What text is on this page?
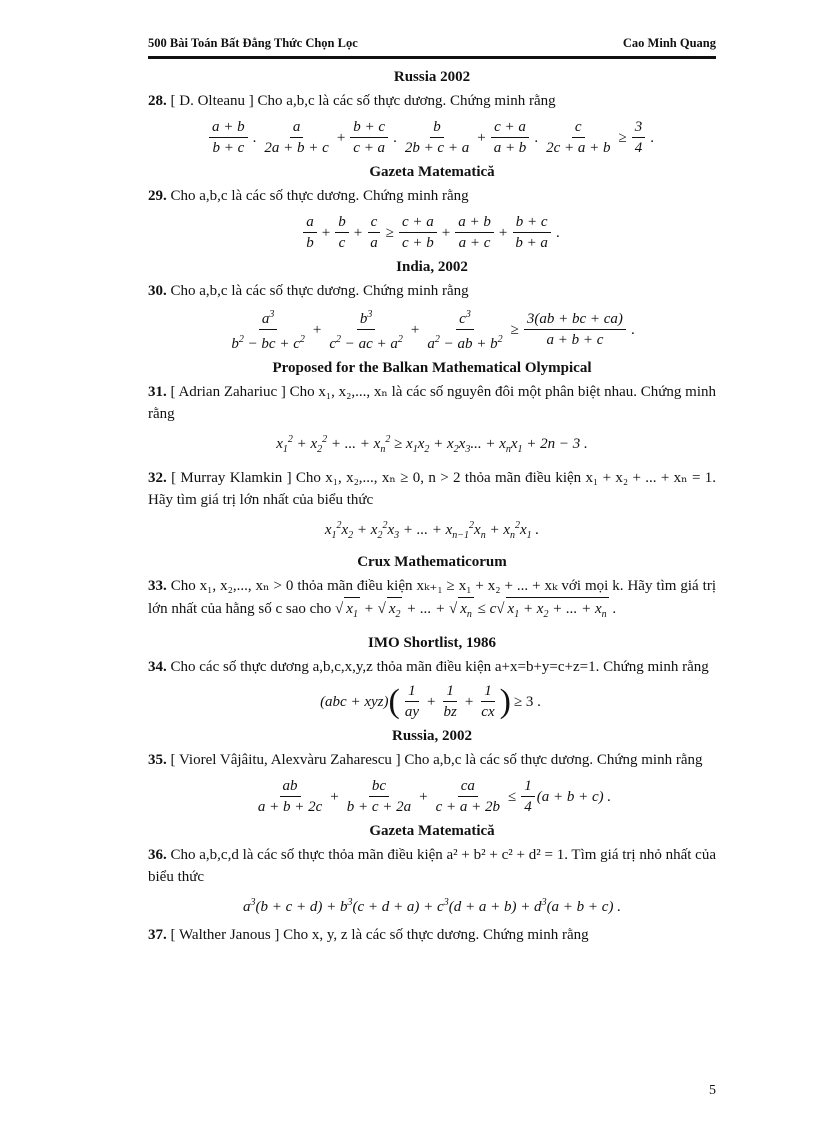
500 Bài Toán Bất Đẳng Thức Chọn Lọc	Cao Minh Quang
Russia 2002

28. [ D. Olteanu ] Cho a,b,c là các số thực dương. Chứng minh rằng

$\frac{a + b}{b + c}$ . $\frac{a}{2a + b + c} + \frac{b + c}{c + a}$ . $\frac{b}{2b + c + a} + \frac{c + a}{a + b}$ . $\frac{c}{2c + a + b} \ge \frac{3}{4}$ .
Gazeta Matematică

29. Cho a,b,c là các số thực dương. Chứng minh rằng

$\frac{a}{b} + \frac{b}{c} + \frac{c}{a} \ge \frac{c + a}{c + b} + \frac{a + b}{a + c} + \frac{b + c}{b + a}$ .
India, 2002

30. Cho a,b,c là các số thực dương. Chứng minh rằng

$\frac{a^3}{b^2 - bc + c^2} + \frac{b^3}{c^2 - ac + a^2} + \frac{c^3}{a^2 - ab + b^2} \ge \frac{3(ab + bc + ca)}{a + b + c}$ .
Proposed for the Balkan Mathematical Olympical

31. [ Adrian Zahariuc ] Cho x₁, x₂,..., xₙ là các số nguyên đôi một phân biệt nhau. Chứng minh rằng

$x_1^2 + x_2^2$ + ... + $x_n^2 \ge x_1x_2 + x_2x_3$... + $x_nx_1 + 2n - 3$ .

32. [ Murray Klamkin ] Cho x₁, x₂,..., xₙ ≥ 0, n > 2 thỏa mãn điều kiện x₁ + x₂ + ... + xₙ = 1. Hãy tìm giá trị lớn nhất của biểu thức

$x_1^2x_2 + x_2^2x_3$ + ... + $x_{n-1}^2x_n + x_n^2x_1$ .
Crux Mathematicorum

33. Cho x₁, x₂,..., xₙ > 0 thỏa mãn điều kiện xₖ₊₁ ≥ x₁ + x₂ + ... + xₖ với mọi k. Hãy tìm giá trị lớn nhất của hằng số c sao cho √ $x_1$ + √ $x_2$ + ... + √ $x_n \le c√$ $x_1 + x_2$ + ... + $x_n$ .

IMO Shortlist, 1986

34. Cho các số thực dương a,b,c,x,y,z thỏa mãn điều kiện a+x=b+y=c+z=1. Chứng minh rằng

(abc + xyz) ( $\frac{1}{ay} + \frac{1}{bz} + \frac{1}{cx}$ ) ≥ 3 .
Russia, 2002

35. [ Viorel Vâjâitu, Alexvàru Zaharescu ] Cho a,b,c là các số thực dương. Chứng minh rằng

$\frac{ab}{a + b + 2c} + \frac{bc}{b + c + 2a} + \frac{ca}{c + a + 2b} \le \frac{1}{4} (a + b + c)$ .
Gazeta Matematică

36. Cho a,b,c,d là các số thực thỏa mãn điều kiện a² + b² + c² + d² = 1. Tìm giá trị nhỏ nhất của biểu thức

$a^3(b + c + d) + b^3(c + d + a) + c^3(d + a + b) + d^3(a + b + c)$ .

37. [ Walther Janous ] Cho x, y, z là các số thực dương. Chứng minh rằng

5
